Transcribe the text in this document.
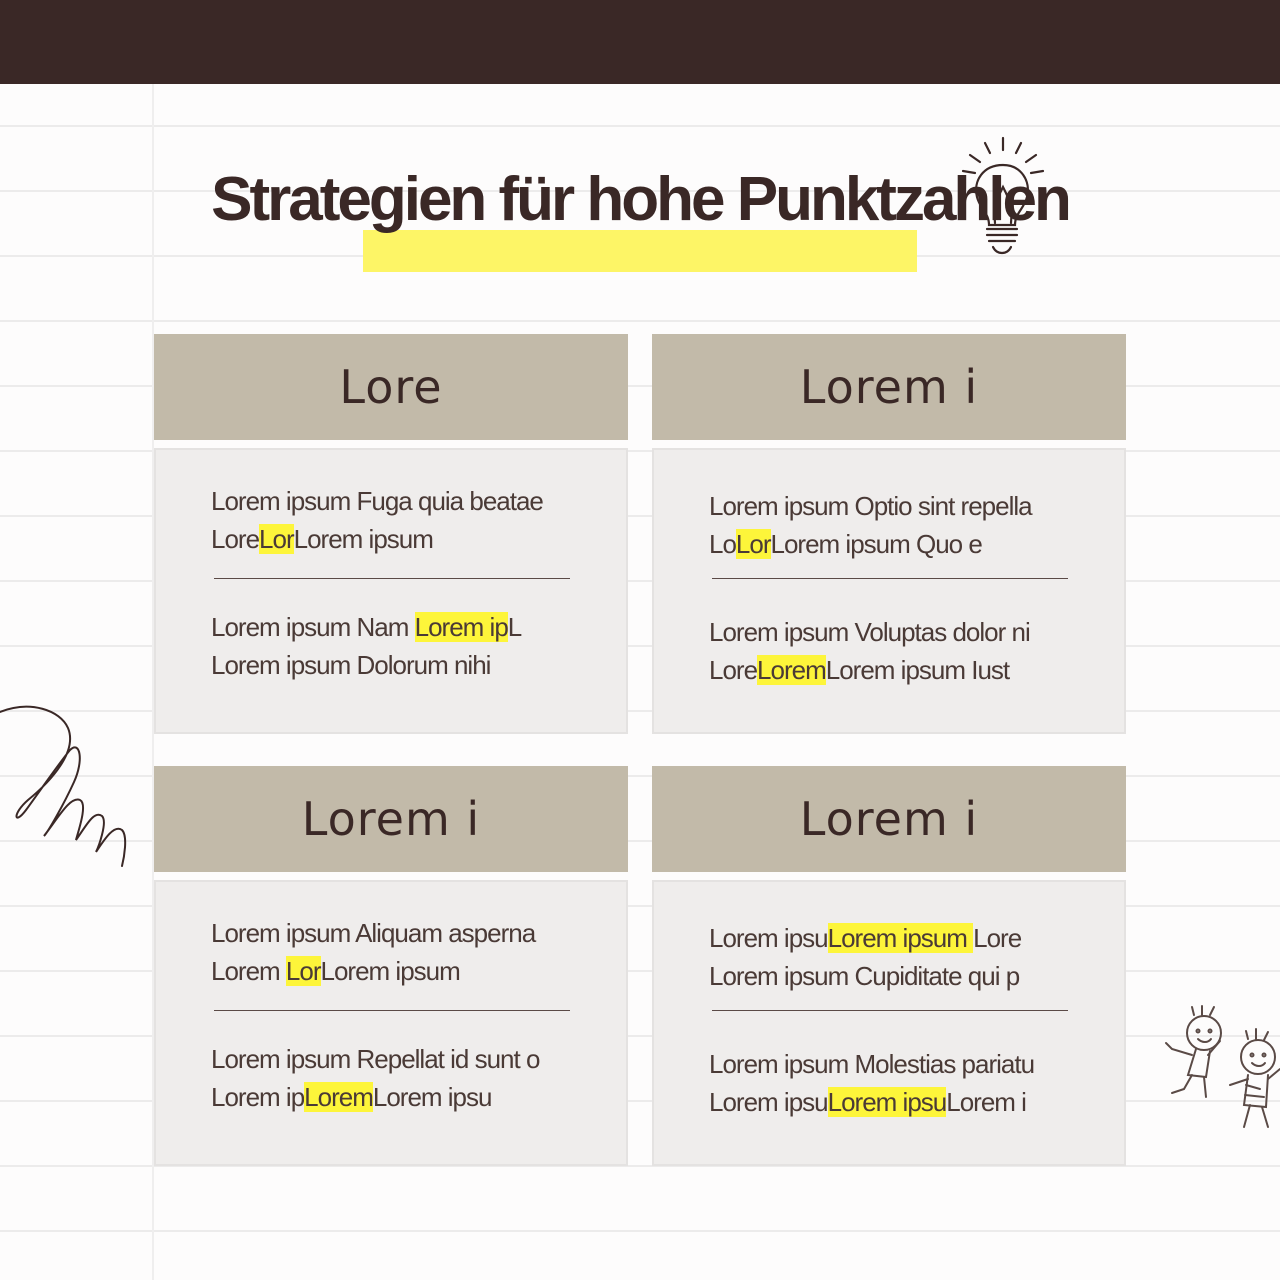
Strategien für hohe Punktzahlen
Lore
Lorem ipsum Fuga quia beatae
LoreLorLorem ipsum
Lorem ipsum Nam Lorem ipL
Lorem ipsum Dolorum nihi
Lorem i
Lorem ipsum Optio sint repella
LoLorLorem ipsum Quo e
Lorem ipsum Voluptas dolor ni
LoreLoremLorem ipsum Iust
Lorem i
Lorem ipsum Aliquam asperna
Lorem LorLorem ipsum
Lorem ipsum Repellat id sunt o
Lorem ipLoremLorem ipsu
Lorem i
Lorem ipsuLorem ipsum Lore
Lorem ipsum Cupiditate qui p
Lorem ipsum Molestias pariatu
Lorem ipsuLorem ipsuLorem i
